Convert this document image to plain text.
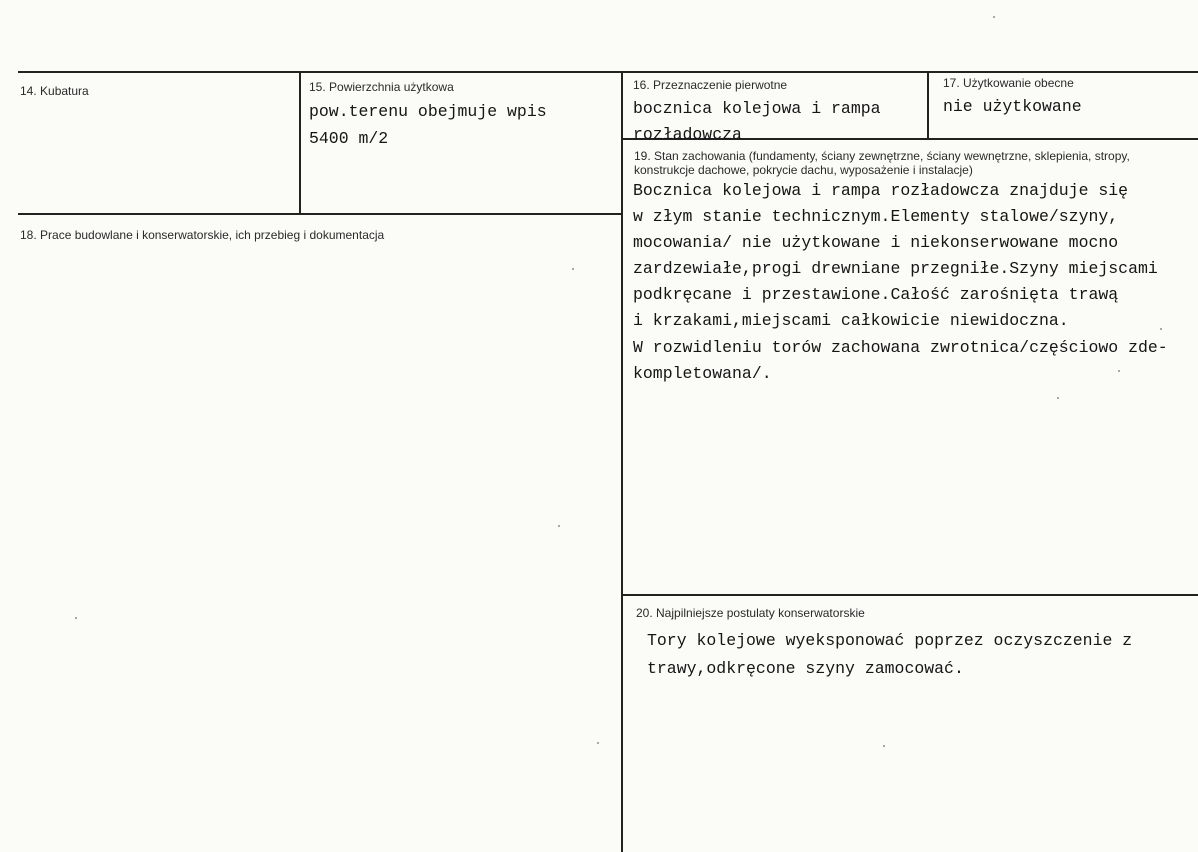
14. Kubatura	15. Powierzchnia użytkowa
pow.terenu obejmuje wpis
5400 m/2
16. Przeznaczenie pierwotne
bocznica kolejowa i rampa
rozładowcza
17. Użytkowanie obecne
nie użytkowane
18. Prace budowlane i konserwatorskie, ich przebieg i dokumentacja
19. Stan zachowania (fundamenty, ściany zewnętrzne, ściany wewnętrzne, sklepienia, stropy, konstrukcje dachowe, pokrycie dachu, wyposażenie i instalacje)
Bocznica kolejowa i rampa rozładowcza znajduje się
w złym stanie technicznym.Elementy stalowe/szyny,
mocowania/ nie użytkowane i niekonserwowane mocno
zardzewiałe,progi drewniane przegniłe.Szyny miejscami
podkręcane i przestawione.Całość zarośnięta trawą
i krzakami,miejscami całkowicie niewidoczna.
W rozwidleniu torów zachowana zwrotnica/częściowo zde-
kompletowana/.
20. Najpilniejsze postulaty konserwatorskie
Tory kolejowe wyeksponować poprzez oczyszczenie z
trawy,odkręcone szyny zamocować.
